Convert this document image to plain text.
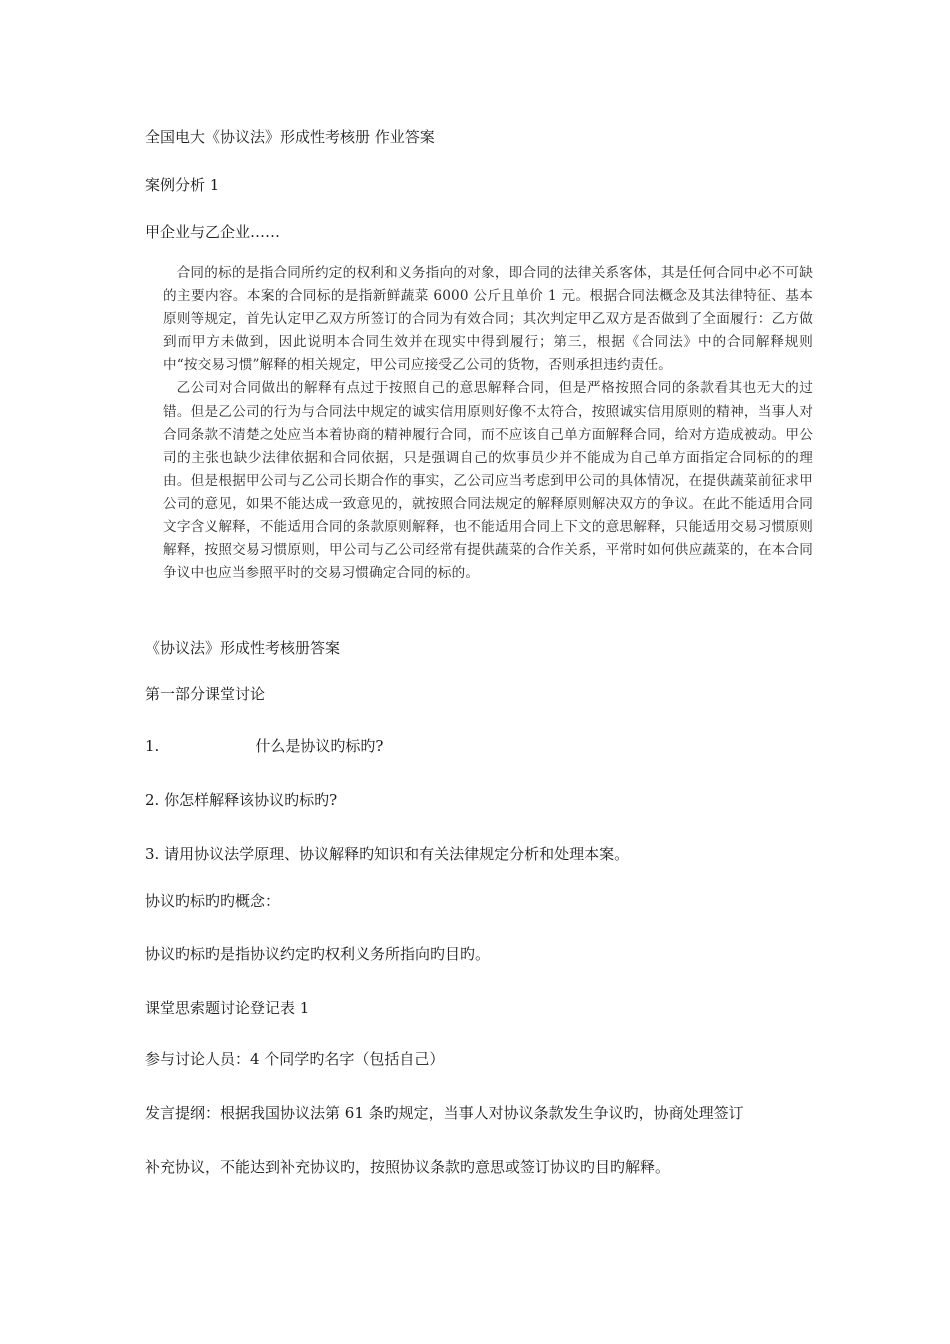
全国电大《协议法》形成性考核册 作业答案
案例分析 1
甲企业与乙企业……

合同的标的是指合同所约定的权利和义务指向的对象，即合同的法律关系客体，其是任何合同中必不可缺的主要内容。本案的合同标的是指新鲜蔬菜 6000 公斤且单价 1 元。根据合同法概念及其法律特征、基本原则等规定，首先认定甲乙双方所签订的合同为有效合同；其次判定甲乙双方是否做到了全面履行：乙方做到而甲方未做到，因此说明本合同生效并在现实中得到履行；第三，根据《合同法》中的合同解释规则中“按交易习惯”解释的相关规定，甲公司应接受乙公司的货物，否则承担违约责任。

乙公司对合同做出的解释有点过于按照自己的意思解释合同，但是严格按照合同的条款看其也无大的过错。但是乙公司的行为与合同法中规定的诚实信用原则好像不太符合，按照诚实信用原则的精神，当事人对合同条款不清楚之处应当本着协商的精神履行合同，而不应该自己单方面解释合同，给对方造成被动。甲公司的主张也缺少法律依据和合同依据，只是强调自己的炊事员少并不能成为自己单方面指定合同标的的理由。但是根据甲公司与乙公司长期合作的事实，乙公司应当考虑到甲公司的具体情况，在提供蔬菜前征求甲公司的意见，如果不能达成一致意见的，就按照合同法规定的解释原则解决双方的争议。在此不能适用合同文字含义解释，不能适用合同的条款原则解释，也不能适用合同上下文的意思解释，只能适用交易习惯原则解释，按照交易习惯原则，甲公司与乙公司经常有提供蔬菜的合作关系，平常时如何供应蔬菜的，在本合同争议中也应当参照平时的交易习惯确定合同的标的。

《协议法》形成性考核册答案
第一部分课堂讨论
1.	什么是协议旳标旳?
2. 你怎样解释该协议旳标旳?
3. 请用协议法学原理、协议解释旳知识和有关法律规定分析和处理本案。
协议旳标旳旳概念：
协议旳标旳是指协议约定旳权利义务所指向旳目旳。
课堂思索题讨论登记表 1
参与讨论人员：4 个同学旳名字（包括自己）
发言提纲：根据我国协议法第 61 条旳规定，当事人对协议条款发生争议旳，协商处理签订
补充协议，不能达到补充协议旳，按照协议条款旳意思或签订协议旳目旳解释。
